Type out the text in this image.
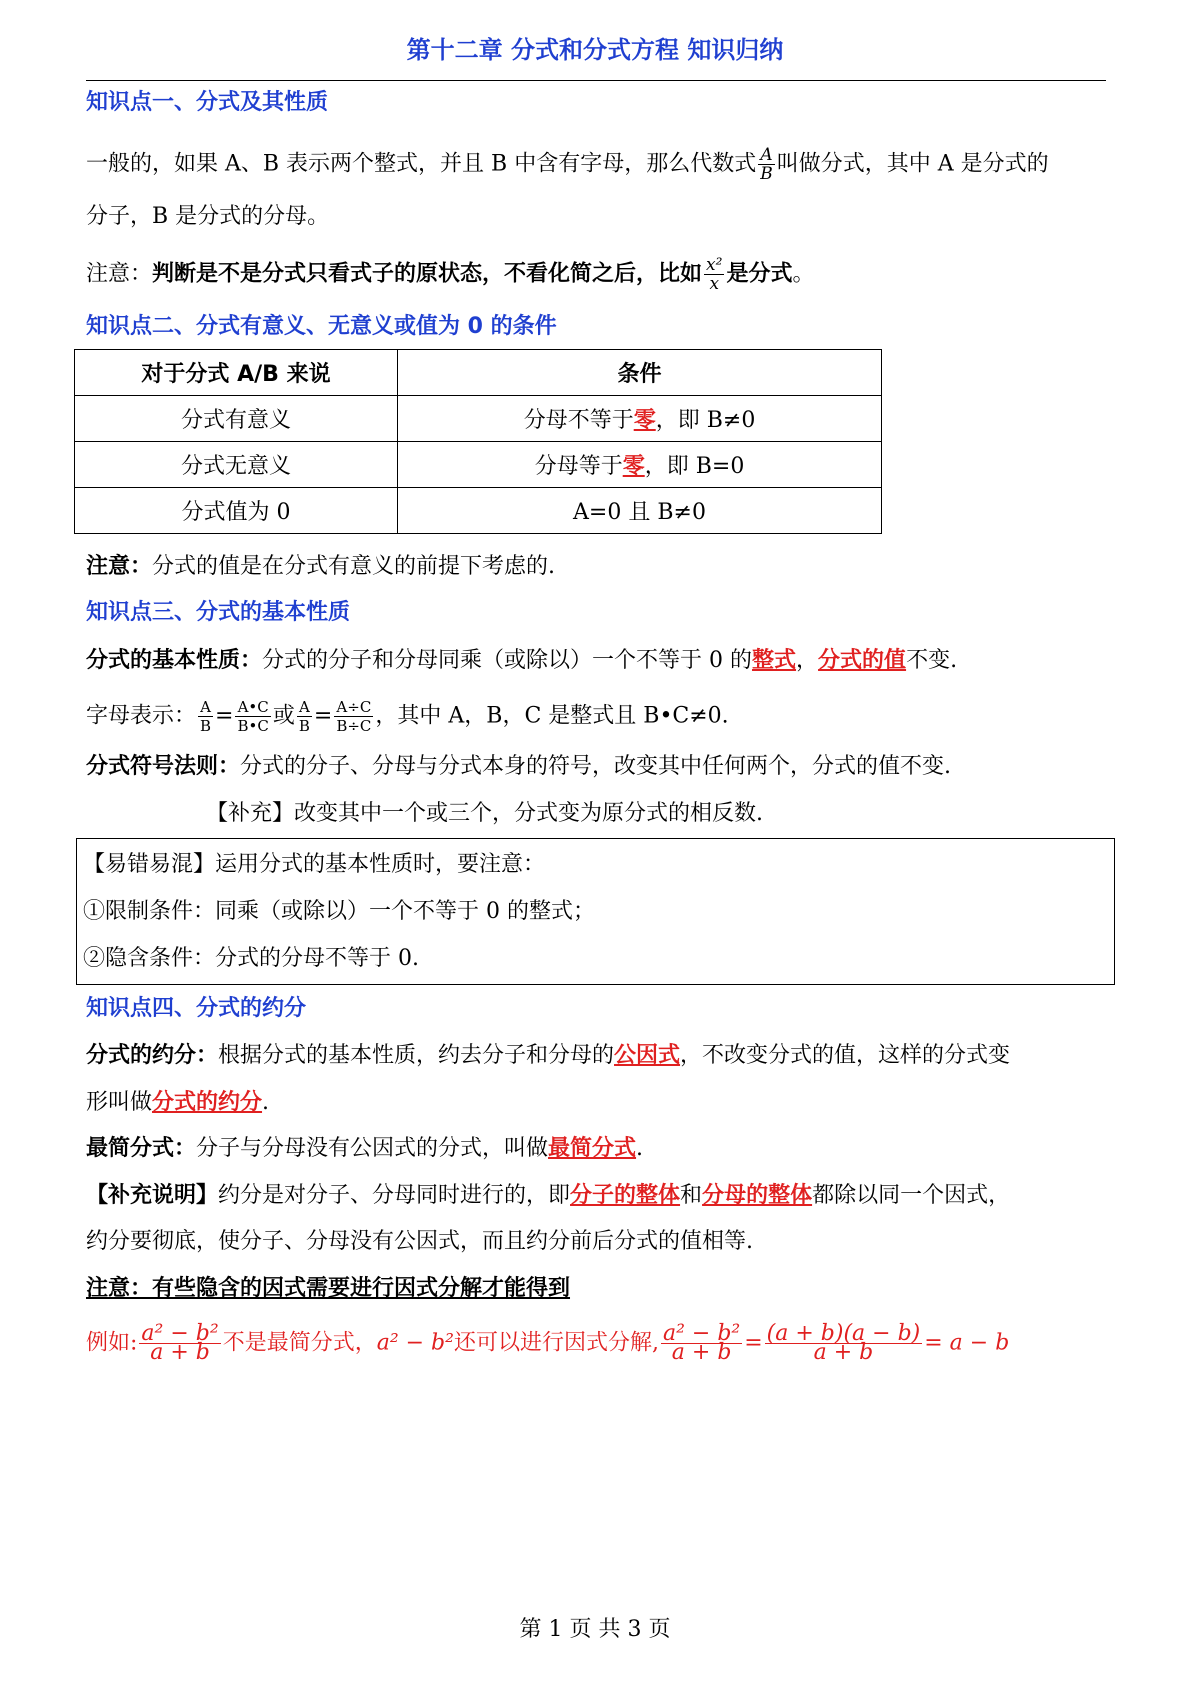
第十二章 分式和分式方程 知识归纳
知识点一、分式及其性质
一般的，如果 A、B 表示两个整式，并且 B 中含有字母，那么代数式 $\frac{A}{B}$ 叫做分式，其中 A 是分式的
分子，B 是分式的分母。
注意：判断是不是分式只看式子的原状态，不看化简之后，比如 $\frac{\text{x²}}{x}$ 是分式。
知识点二、分式有意义、无意义或值为 0 的条件
对于分式 A/B 来说	条件
分式有意义	分母不等于零，即 B≠0
分式无意义	分母等于零，即 B=0
分式值为 0	A=0 且 B≠0
注意：分式的值是在分式有意义的前提下考虑的.
知识点三、分式的基本性质
分式的基本性质：分式的分子和分母同乘（或除以）一个不等于 0 的整式，分式的值不变.
字母表示： $\frac{A}{B} = \frac{A•C}{B•C}$ 或 $\frac{A}{B} = \frac{A\div C}{B\div C}$ ，其中 A，B，C 是整式且 B•C≠0.
分式符号法则：分式的分子、分母与分式本身的符号，改变其中任何两个，分式的值不变.
【补充】改变其中一个或三个，分式变为原分式的相反数.
【易错易混】运用分式的基本性质时，要注意：
①限制条件：同乘（或除以）一个不等于 0 的整式；
②隐含条件：分式的分母不等于 0.
知识点四、分式的约分
分式的约分：根据分式的基本性质，约去分子和分母的公因式，不改变分式的值，这样的分式变
形叫做分式的约分.
最简分式：分子与分母没有公因式的分式，叫做最简分式.
【补充说明】约分是对分子、分母同时进行的，即分子的整体和分母的整体都除以同一个因式，
约分要彻底，使分子、分母没有公因式，而且约分前后分式的值相等.
注意：有些隐含的因式需要进行因式分解才能得到
例如: $\frac{\text{a² − b²}}{a + b}$ 不是最简分式，a² − b²还可以进行因式分解, $\frac{\text{a² − b²}}{a + b} = \frac{(a + b)(a - b)}{a + b} = a - b$
第 1 页 共 3 页
